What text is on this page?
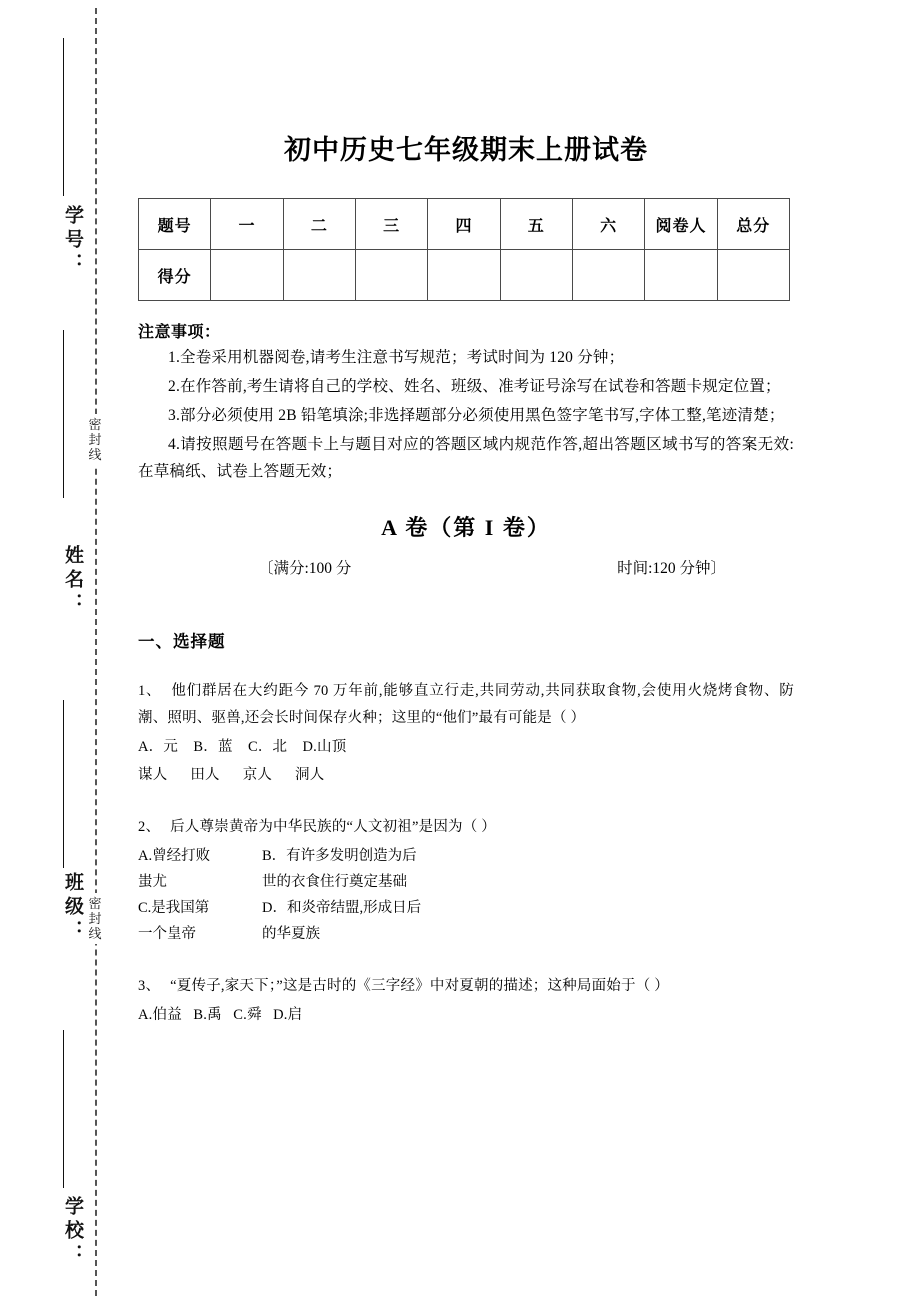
密
封
线
密
封
线
学号：
姓名：
班级：
学校：
初中历史七年级期末上册试卷
题号	一	二	三	四	五	六	阅卷人	总分
得分								

注意事项：

1.全卷采用机器阅卷,请考生注意书写规范；考试时间为 120 分钟；

2.在作答前,考生请将自己的学校、姓名、班级、准考证号涂写在试卷和答题卡规定位置；

3.部分必须使用 2B 铅笔填涂;非选择题部分必须使用黑色签字笔书写,字体工整,笔迹清楚；

4.请按照题号在答题卡上与题目对应的答题区域内规范作答,超出答题区域书写的答案无效:在草稿纸、试卷上答题无效；

A 卷（第 I 卷）

〔满分:100 分	时间:120 分钟〕

一、选择题

1、 他们群居在大约距今 70 万年前,能够直立行走,共同劳动,共同获取食物,会使用火烧烤食物、防潮、照明、驱兽,还会长时间保存火种；这里的“他们”最有可能是（ ）

A．元    B．蓝    C．北    D.山顶

谋人      田人      京人      洞人

2、 后人尊崇黄帝为中华民族的“人文初祖”是因为（ ）

A.曾经打败	B．有许多发明创造为后
蚩尤	世的衣食住行奠定基础
C.是我国第	D．和炎帝结盟,形成日后
一个皇帝	的华夏族

3、 “夏传子,家天下；”这是古时的《三字经》中对夏朝的描述；这种局面始于（ ）

A.伯益   B.禹   C.舜   D.启
